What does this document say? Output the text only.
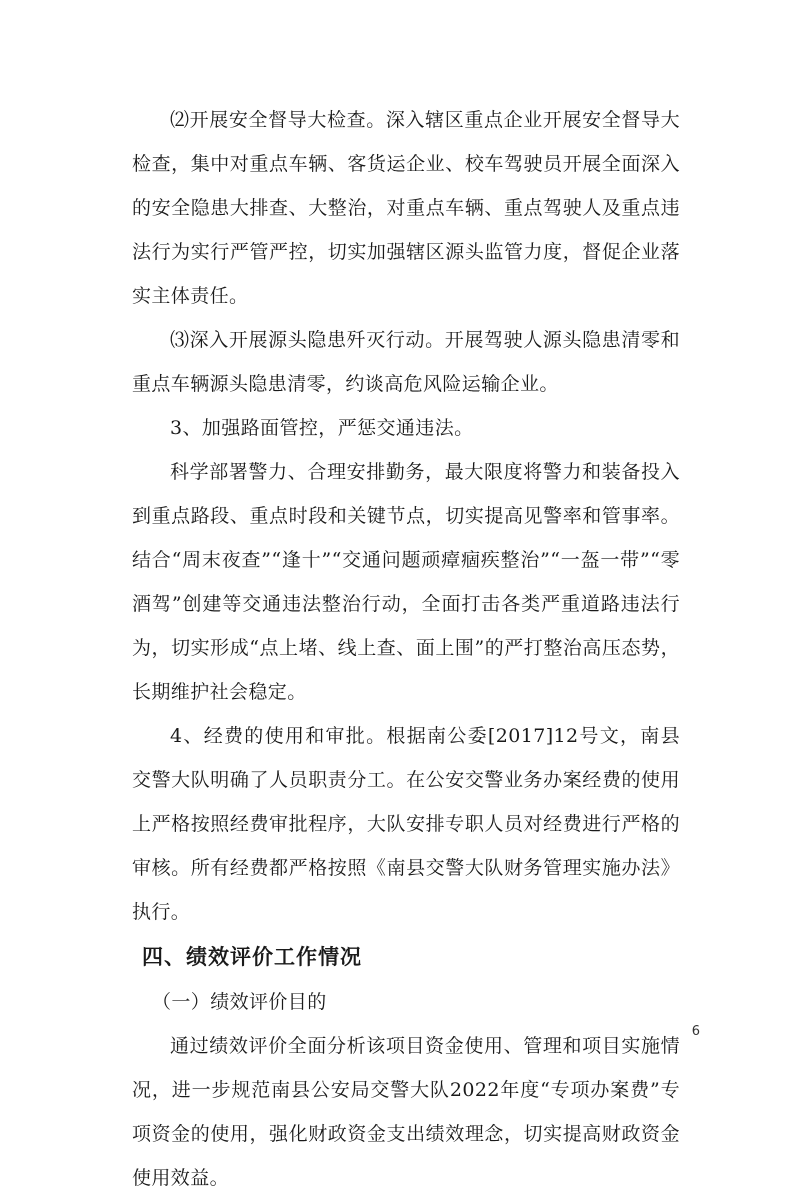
⑵开展安全督导大检查。深入辖区重点企业开展安全督导大检查，集中对重点车辆、客货运企业、校车驾驶员开展全面深入的安全隐患大排查、大整治，对重点车辆、重点驾驶人及重点违法行为实行严管严控，切实加强辖区源头监管力度，督促企业落实主体责任。

⑶深入开展源头隐患歼灭行动。开展驾驶人源头隐患清零和重点车辆源头隐患清零，约谈高危风险运输企业。

3、加强路面管控，严惩交通违法。

科学部署警力、合理安排勤务，最大限度将警力和装备投入到重点路段、重点时段和关键节点，切实提高见警率和管事率。结合“周末夜查”“逢十”“交通问题顽瘴痼疾整治”“一盔一带”“零酒驾”创建等交通违法整治行动，全面打击各类严重道路违法行为，切实形成“点上堵、线上查、面上围”的严打整治高压态势，长期维护社会稳定。

4、经费的使用和审批。根据南公委[2017]12号文，南县交警大队明确了人员职责分工。在公安交警业务办案经费的使用上严格按照经费审批程序，大队安排专职人员对经费进行严格的审核。所有经费都严格按照《南县交警大队财务管理实施办法》执行。

四、绩效评价工作情况

（一）绩效评价目的

通过绩效评价全面分析该项目资金使用、管理和项目实施情况，进一步规范南县公安局交警大队2022年度“专项办案费”专项资金的使用，强化财政资金支出绩效理念，切实提高财政资金使用效益。

6
